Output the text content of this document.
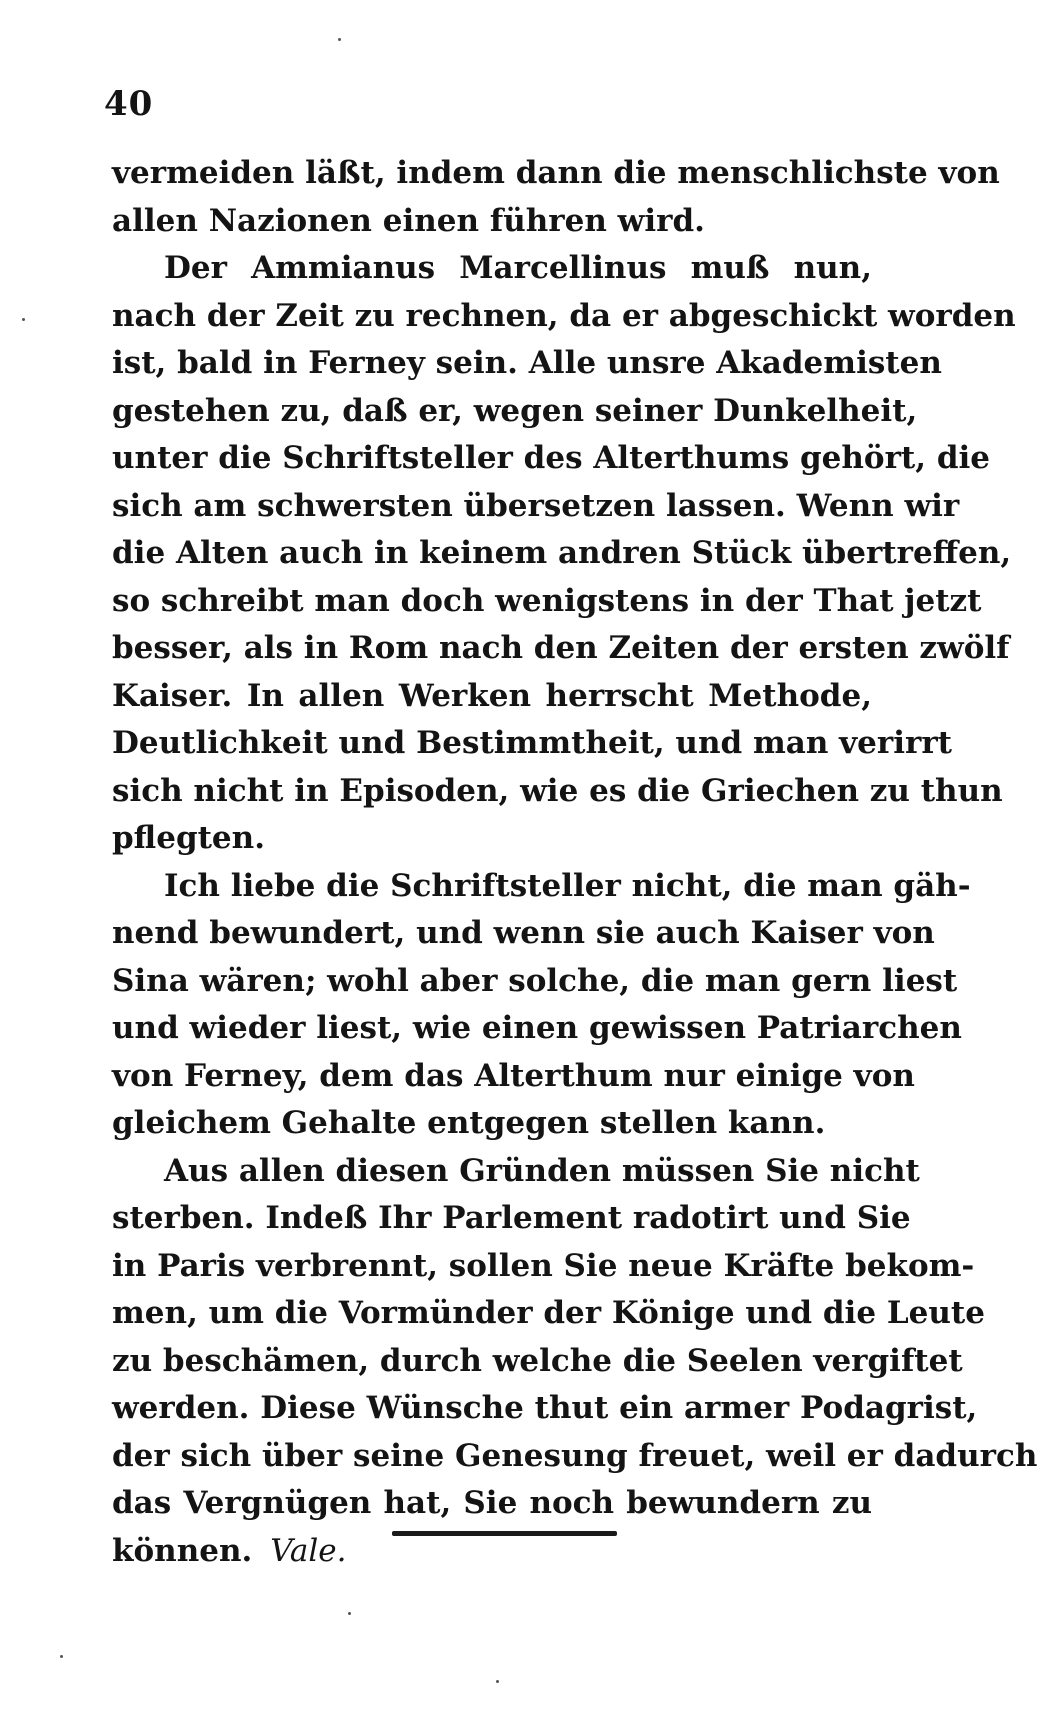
40
vermeiden läßt, indem dann die menschlichste von
allen Nazionen einen führen wird.
Der Ammianus Marcellinus muß nun,
nach der Zeit zu rechnen, da er abgeschickt worden
ist, bald in Ferney sein. Alle unsre Akademisten
gestehen zu, daß er, wegen seiner Dunkelheit,
unter die Schriftsteller des Alterthums gehört, die
sich am schwersten übersetzen lassen. Wenn wir
die Alten auch in keinem andren Stück übertreffen,
so schreibt man doch wenigstens in der That jetzt
besser, als in Rom nach den Zeiten der ersten zwölf
Kaiser. In allen Werken herrscht Methode,
Deutlichkeit und Bestimmtheit, und man verirrt
sich nicht in Episoden, wie es die Griechen zu thun
pflegten.
Ich liebe die Schriftsteller nicht, die man gäh-
nend bewundert, und wenn sie auch Kaiser von
Sina wären; wohl aber solche, die man gern liest
und wieder liest, wie einen gewissen Patriarchen
von Ferney, dem das Alterthum nur einige von
gleichem Gehalte entgegen stellen kann.
Aus allen diesen Gründen müssen Sie nicht
sterben. Indeß Ihr Parlement radotirt und Sie
in Paris verbrennt, sollen Sie neue Kräfte bekom-
men, um die Vormünder der Könige und die Leute
zu beschämen, durch welche die Seelen vergiftet
werden. Diese Wünsche thut ein armer Podagrist,
der sich über seine Genesung freuet, weil er dadurch
das Vergnügen hat, Sie noch bewundern zu
können. Vale.
